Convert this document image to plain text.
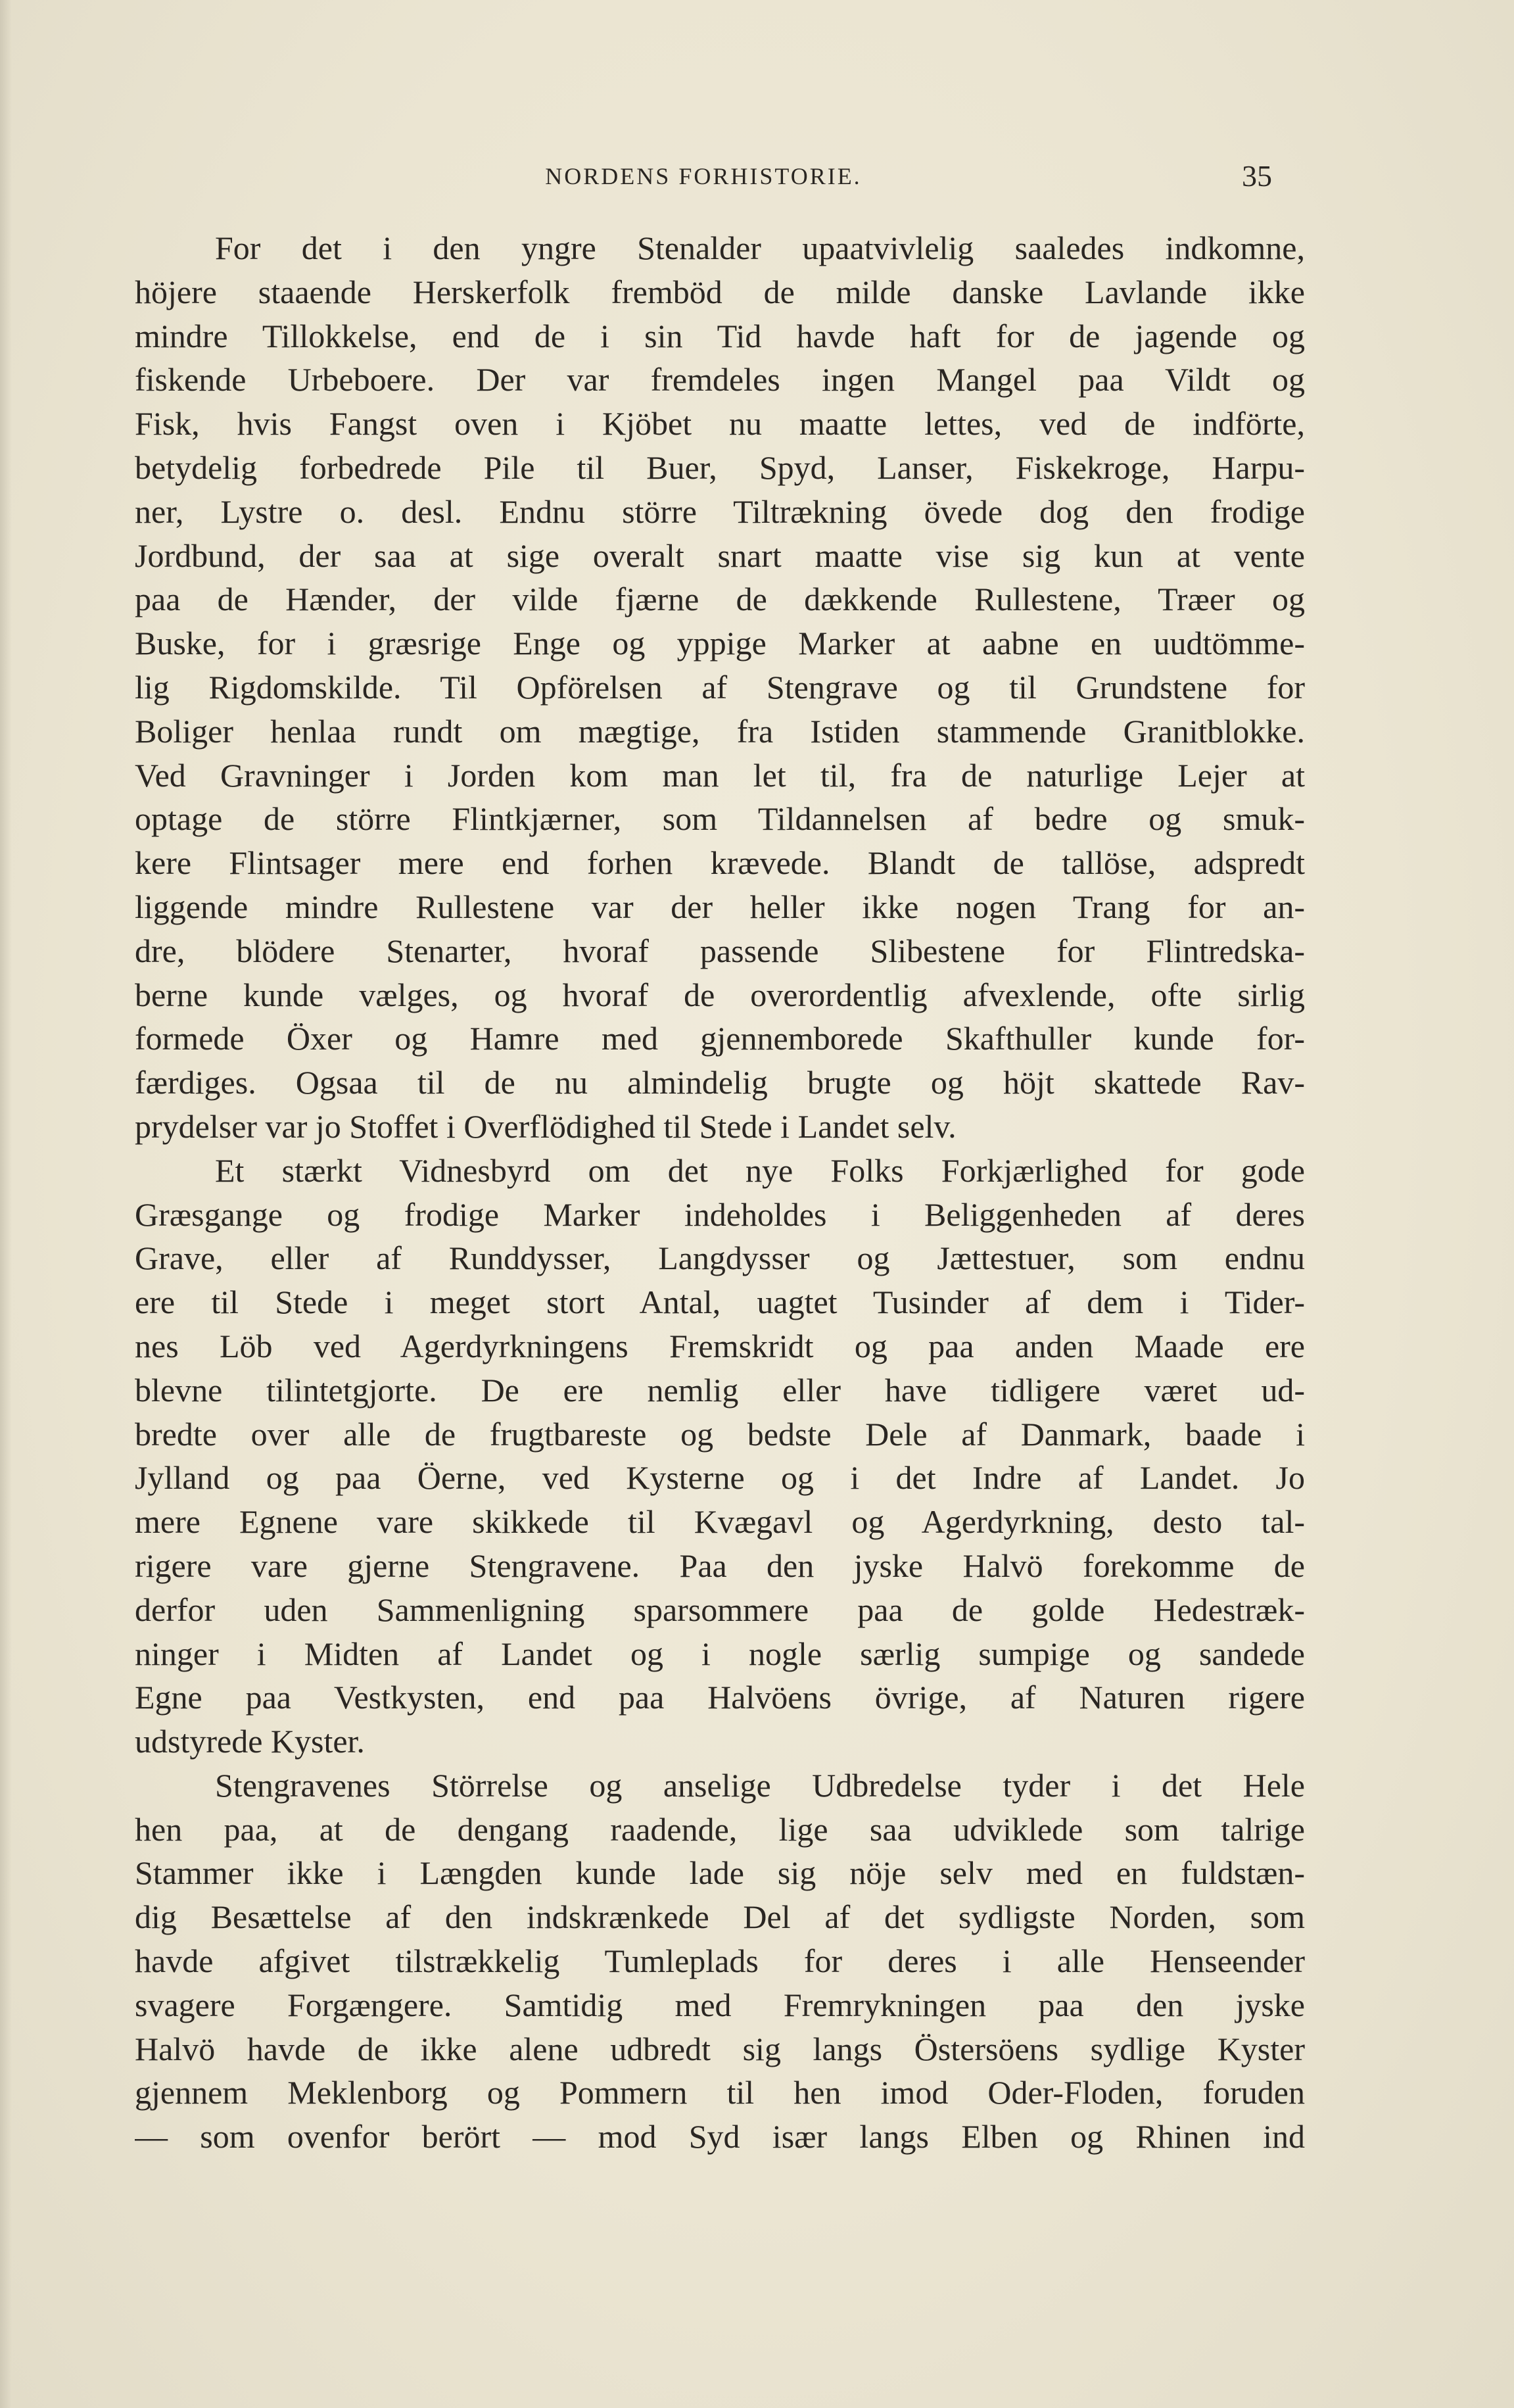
NORDENS FORHISTORIE.	35
For det i den yngre Stenalder upaatvivlelig saaledes indkomne,
höjere staaende Herskerfolk fremböd de milde danske Lavlande ikke
mindre Tillokkelse, end de i sin Tid havde haft for de jagende og
fiskende Urbeboere. Der var fremdeles ingen Mangel paa Vildt og
Fisk, hvis Fangst oven i Kjöbet nu maatte lettes, ved de indförte,
betydelig forbedrede Pile til Buer, Spyd, Lanser, Fiskekroge, Harpu-
ner, Lystre o. desl. Endnu större Tiltrækning övede dog den frodige
Jordbund, der saa at sige overalt snart maatte vise sig kun at vente
paa de Hænder, der vilde fjærne de dækkende Rullestene, Træer og
Buske, for i græsrige Enge og yppige Marker at aabne en uudtömme-
lig Rigdomskilde. Til Opförelsen af Stengrave og til Grundstene for
Boliger henlaa rundt om mægtige, fra Istiden stammende Granitblokke.
Ved Gravninger i Jorden kom man let til, fra de naturlige Lejer at
optage de större Flintkjærner, som Tildannelsen af bedre og smuk-
kere Flintsager mere end forhen krævede. Blandt de tallöse, adspredt
liggende mindre Rullestene var der heller ikke nogen Trang for an-
dre, blödere Stenarter, hvoraf passende Slibestene for Flintredska-
berne kunde vælges, og hvoraf de overordentlig afvexlende, ofte sirlig
formede Öxer og Hamre med gjennemborede Skafthuller kunde for-
færdiges. Ogsaa til de nu almindelig brugte og höjt skattede Rav-
prydelser var jo Stoffet i Overflödighed til Stede i Landet selv.
Et stærkt Vidnesbyrd om det nye Folks Forkjærlighed for gode
Græsgange og frodige Marker indeholdes i Beliggenheden af deres
Grave, eller af Runddysser, Langdysser og Jættestuer, som endnu
ere til Stede i meget stort Antal, uagtet Tusinder af dem i Tider-
nes Löb ved Agerdyrkningens Fremskridt og paa anden Maade ere
blevne tilintetgjorte. De ere nemlig eller have tidligere været ud-
bredte over alle de frugtbareste og bedste Dele af Danmark, baade i
Jylland og paa Öerne, ved Kysterne og i det Indre af Landet. Jo
mere Egnene vare skikkede til Kvægavl og Agerdyrkning, desto tal-
rigere vare gjerne Stengravene. Paa den jyske Halvö forekomme de
derfor uden Sammenligning sparsommere paa de golde Hedestræk-
ninger i Midten af Landet og i nogle særlig sumpige og sandede
Egne paa Vestkysten, end paa Halvöens övrige, af Naturen rigere
udstyrede Kyster.
Stengravenes Störrelse og anselige Udbredelse tyder i det Hele
hen paa, at de dengang raadende, lige saa udviklede som talrige
Stammer ikke i Længden kunde lade sig nöje selv med en fuldstæn-
dig Besættelse af den indskrænkede Del af det sydligste Norden, som
havde afgivet tilstrækkelig Tumleplads for deres i alle Henseender
svagere Forgængere. Samtidig med Fremrykningen paa den jyske
Halvö havde de ikke alene udbredt sig langs Östersöens sydlige Kyster
gjennem Meklenborg og Pommern til hen imod Oder-Floden, foruden
— som ovenfor berört — mod Syd især langs Elben og Rhinen ind
